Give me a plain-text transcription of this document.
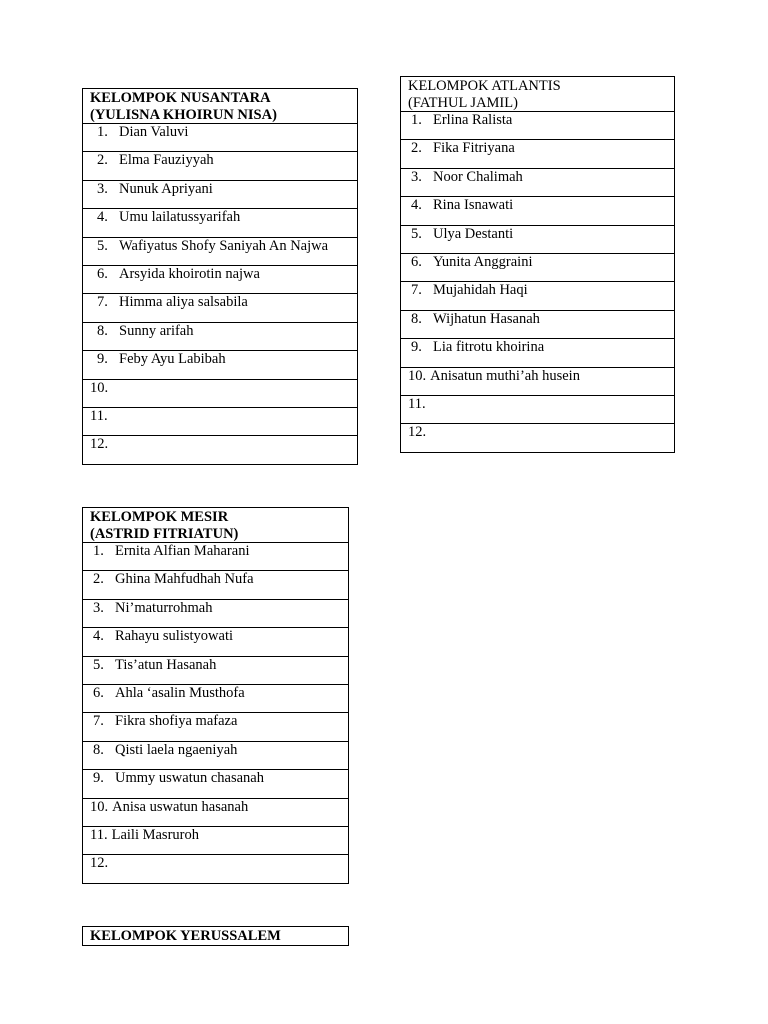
KELOMPOK NUSANTARA
(YULISNA KHOIRUN NISA)
1. Dian Valuvi
2. Elma Fauziyyah
3. Nunuk Apriyani
4. Umu lailatussyarifah
5. Wafiyatus Shofy Saniyah An Najwa
6. Arsyida khoirotin najwa
7. Himma aliya salsabila
8. Sunny arifah
9. Feby Ayu Labibah
10.
11.
12.
KELOMPOK ATLANTIS
(FATHUL JAMIL)
1. Erlina Ralista
2. Fika Fitriyana
3. Noor Chalimah
4. Rina Isnawati
5. Ulya Destanti
6. Yunita Anggraini
7. Mujahidah Haqi
8. Wijhatun Hasanah
9. Lia fitrotu khoirina
10. Anisatun muthi’ah husein
11.
12.
KELOMPOK MESIR
(ASTRID FITRIATUN)
1. Ernita Alfian Maharani
2. Ghina Mahfudhah Nufa
3. Ni’maturrohmah
4. Rahayu sulistyowati
5. Tis’atun Hasanah
6. Ahla ‘asalin Musthofa
7. Fikra shofiya mafaza
8. Qisti laela ngaeniyah
9. Ummy uswatun chasanah
10. Anisa uswatun hasanah
11. Laili Masruroh
12.
KELOMPOK YERUSSALEM
